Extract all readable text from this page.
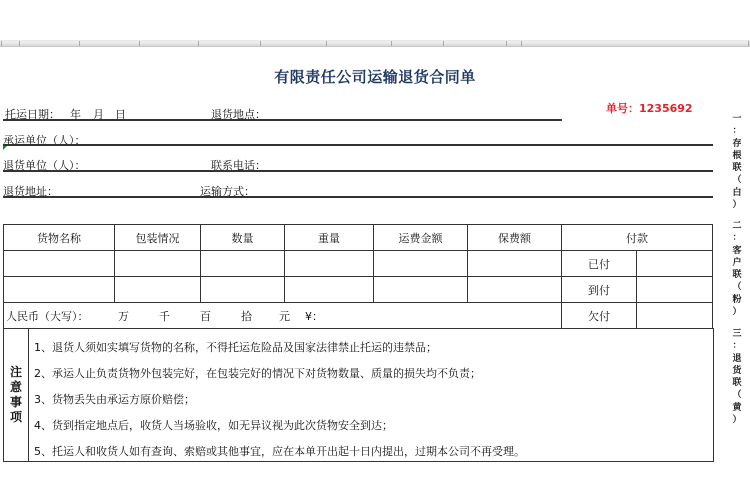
有限责任公司运输退货合同单
单号：1235692
托运日期： 年 月 日	退货地点：
承运单位（人）：
退货单位（人）：	联系电话：
退货地址：	运输方式：
货物名称	包装情况	数量	重量	运费金额	保费额	付款	
						已付	
						到付	
人民币（大写）： 万 千 百 拾 元 ¥：						欠付	
注
意
事
项
1、退货人须如实填写货物的名称，不得托运危险品及国家法律禁止托运的违禁品；
2、承运人止负责货物外包装完好，在包装完好的情况下对货物数量、质量的损失均不负责；
3、货物丢失由承运方原价赔偿；
4、货到指定地点后，收货人当场验收，如无异议视为此次货物安全到达；
5、托运人和收货人如有查询、索赔或其他事宜，应在本单开出起十日内提出，过期本公司不再受理。
一
：
存
根
联
（
白
）
二
：
客
户
联
（
粉
）
三
：
退
货
联
（
黄
）
